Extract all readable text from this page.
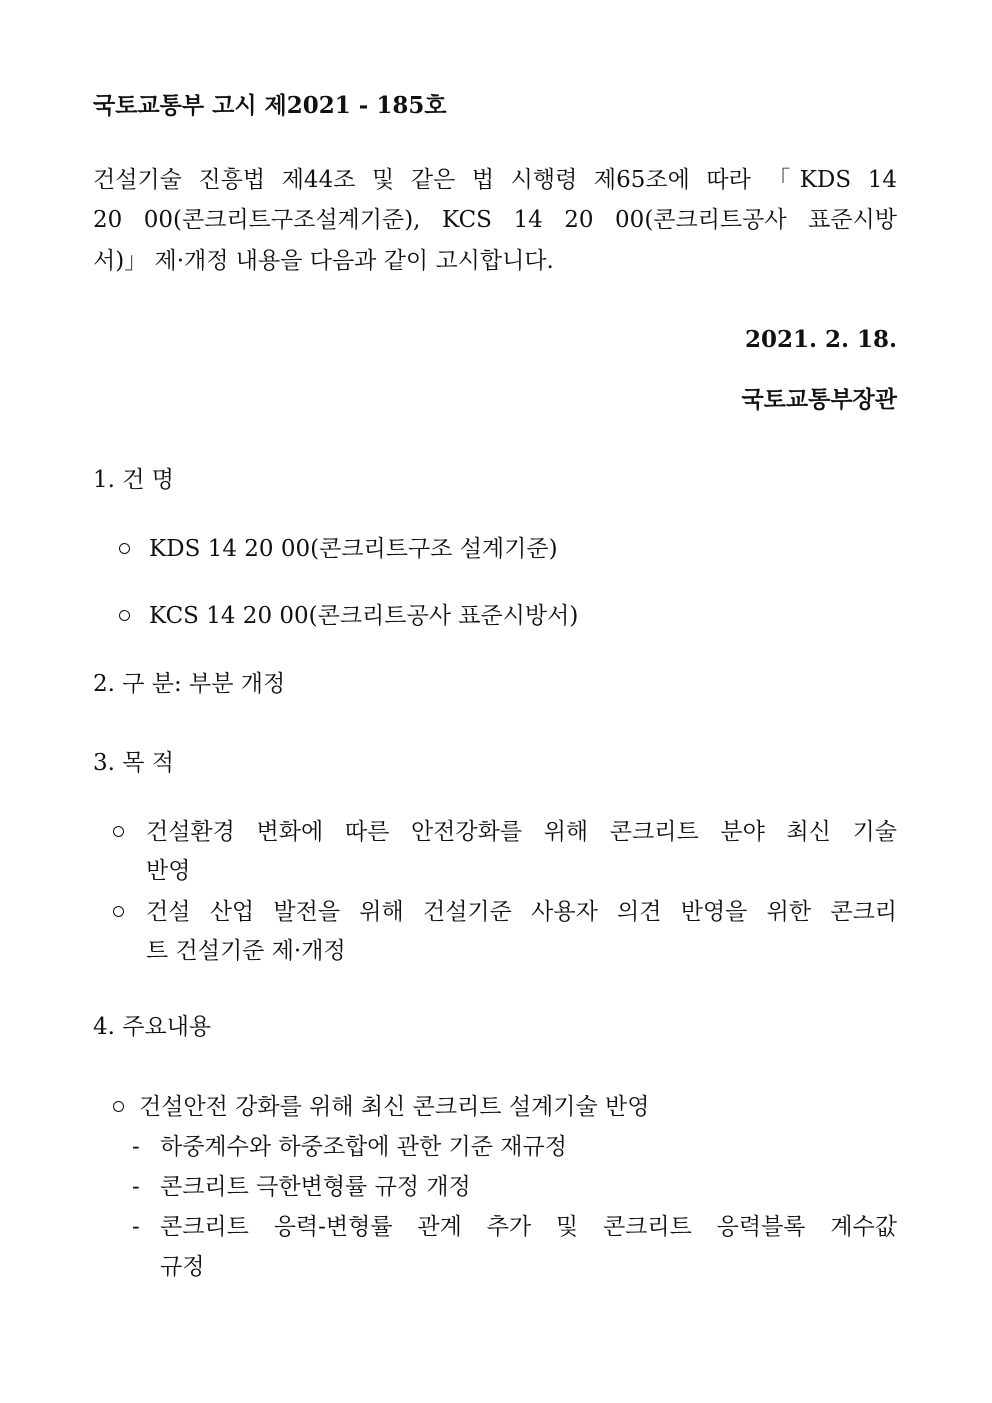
국토교통부 고시 제2021 - 185호
건설기술 진흥법 제44조 및 같은 법 시행령 제65조에 따라 「KDS 14
20 00(콘크리트구조설계기준), KCS 14 20 00(콘크리트공사 표준시방
서)」 제·개정 내용을 다음과 같이 고시합니다.
2021. 2. 18.
국토교통부장관
1. 건 명
KDS 14 20 00(콘크리트구조 설계기준)
KCS 14 20 00(콘크리트공사 표준시방서)
2. 구 분: 부분 개정
3. 목 적
건설환경 변화에 따른 안전강화를 위해 콘크리트 분야 최신 기술
반영
건설 산업 발전을 위해 건설기준 사용자 의견 반영을 위한 콘크리
트 건설기준 제·개정
4. 주요내용
건설안전 강화를 위해 최신 콘크리트 설계기술 반영
- 하중계수와 하중조합에 관한 기준 재규정
- 콘크리트 극한변형률 규정 개정
- 콘크리트 응력-변형률 관계 추가 및 콘크리트 응력블록 계수값
규정
